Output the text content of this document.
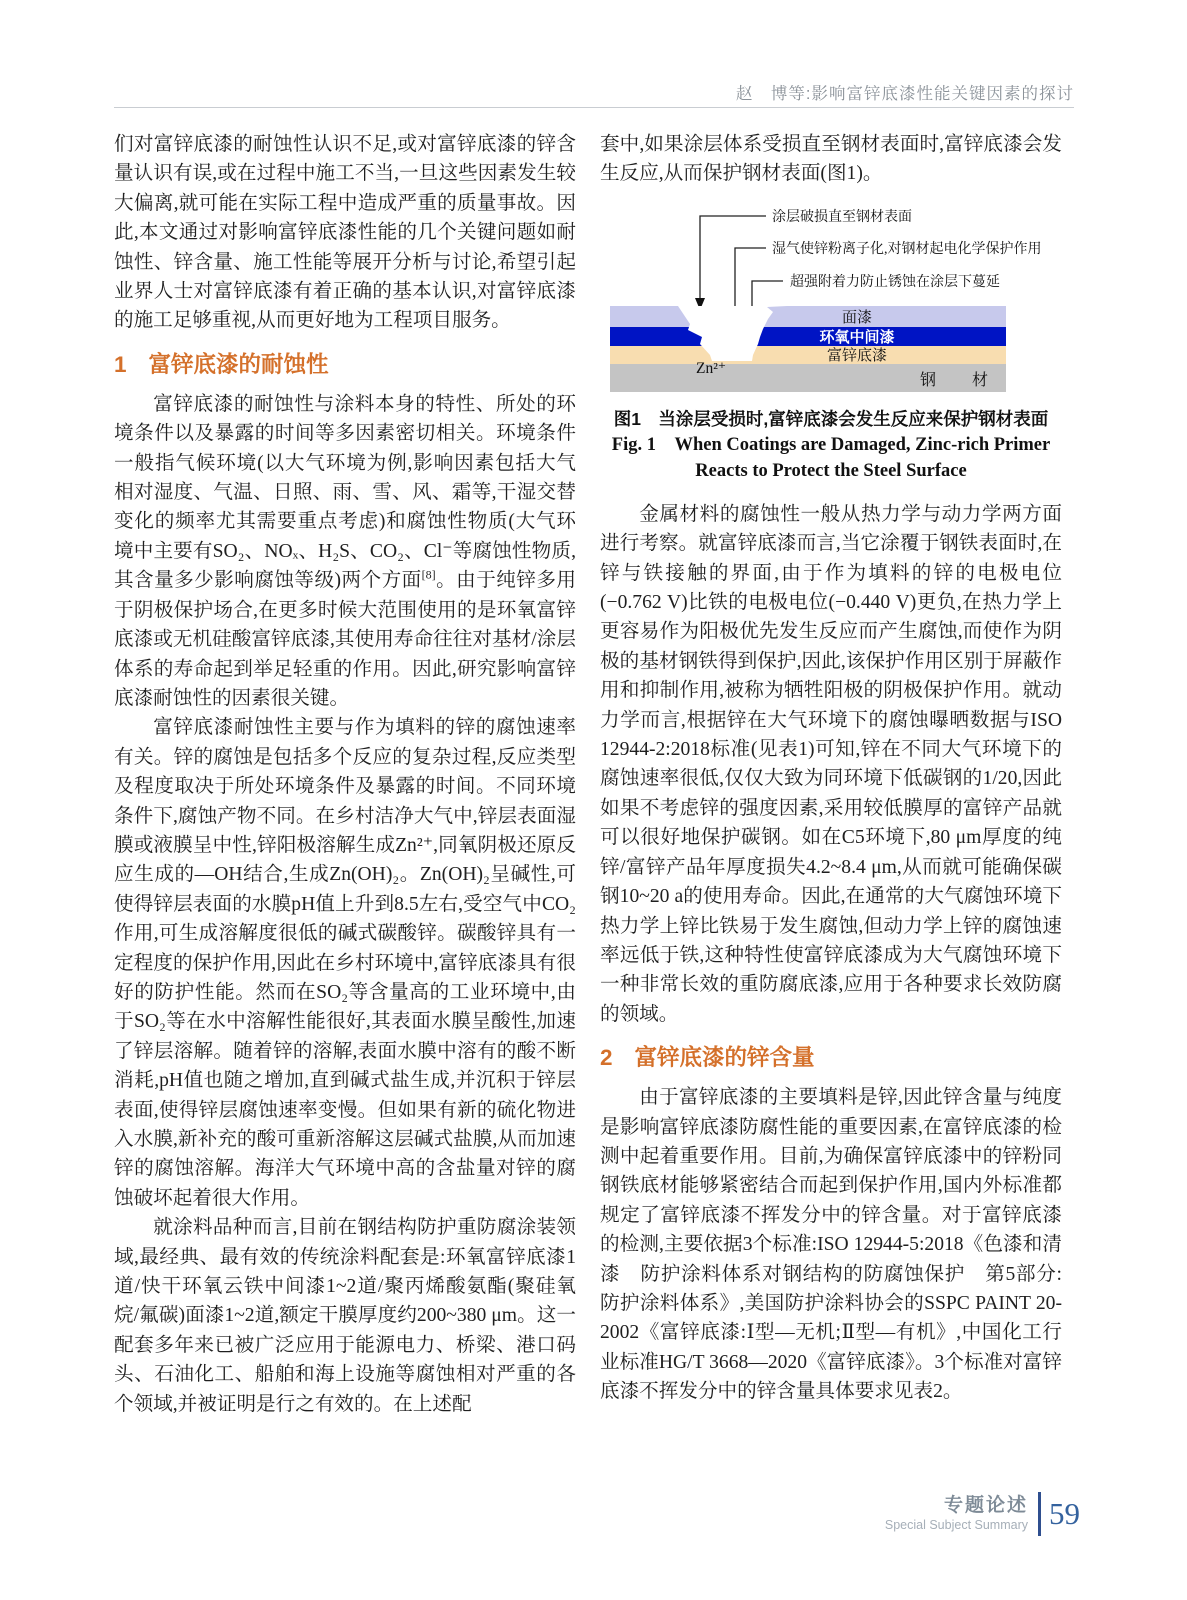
赵　博等:影响富锌底漆性能关键因素的探讨

们对富锌底漆的耐蚀性认识不足,或对富锌底漆的锌含量认识有误,或在过程中施工不当,一旦这些因素发生较大偏离,就可能在实际工程中造成严重的质量事故。因此,本文通过对影响富锌底漆性能的几个关键问题如耐蚀性、锌含量、施工性能等展开分析与讨论,希望引起业界人士对富锌底漆有着正确的基本认识,对富锌底漆的施工足够重视,从而更好地为工程项目服务。

1 富锌底漆的耐蚀性

富锌底漆的耐蚀性与涂料本身的特性、所处的环境条件以及暴露的时间等多因素密切相关。环境条件一般指气候环境(以大气环境为例,影响因素包括大气相对湿度、气温、日照、雨、雪、风、霜等,干湿交替变化的频率尤其需要重点考虑)和腐蚀性物质(大气环境中主要有SO₂、NOₓ、H₂S、CO₂、Cl⁻等腐蚀性物质,其含量多少影响腐蚀等级)两个方面[8]。由于纯锌多用于阴极保护场合,在更多时候大范围使用的是环氧富锌底漆或无机硅酸富锌底漆,其使用寿命往往对基材/涂层体系的寿命起到举足轻重的作用。因此,研究影响富锌底漆耐蚀性的因素很关键。

富锌底漆耐蚀性主要与作为填料的锌的腐蚀速率有关。锌的腐蚀是包括多个反应的复杂过程,反应类型及程度取决于所处环境条件及暴露的时间。不同环境条件下,腐蚀产物不同。在乡村洁净大气中,锌层表面湿膜或液膜呈中性,锌阳极溶解生成Zn²⁺,同氧阴极还原反应生成的—OH结合,生成Zn(OH)₂。Zn(OH)₂呈碱性,可使得锌层表面的水膜pH值上升到8.5左右,受空气中CO₂作用,可生成溶解度很低的碱式碳酸锌。碳酸锌具有一定程度的保护作用,因此在乡村环境中,富锌底漆具有很好的防护性能。然而在SO₂等含量高的工业环境中,由于SO₂等在水中溶解性能很好,其表面水膜呈酸性,加速了锌层溶解。随着锌的溶解,表面水膜中溶有的酸不断消耗,pH值也随之增加,直到碱式盐生成,并沉积于锌层表面,使得锌层腐蚀速率变慢。但如果有新的硫化物进入水膜,新补充的酸可重新溶解这层碱式盐膜,从而加速锌的腐蚀溶解。海洋大气环境中高的含盐量对锌的腐蚀破坏起着很大作用。

就涂料品种而言,目前在钢结构防护重防腐涂装领域,最经典、最有效的传统涂料配套是:环氧富锌底漆1道/快干环氧云铁中间漆1~2道/聚丙烯酸氨酯(聚硅氧烷/氟碳)面漆1~2道,额定干膜厚度约200~380 μm。这一配套多年来已被广泛应用于能源电力、桥梁、港口码头、石油化工、船舶和海上设施等腐蚀相对严重的各个领域,并被证明是行之有效的。在上述配

套中,如果涂层体系受损直至钢材表面时,富锌底漆会发生反应,从而保护钢材表面(图1)。

涂层破损直至钢材表面
湿气使锌粉离子化,对钢材起电化学保护作用
超强附着力防止锈蚀在涂层下蔓延
面漆
环氧中间漆
富锌底漆
钢　材
Zn²⁺
图1　当涂层受损时,富锌底漆会发生反应来保护钢材表面
Fig. 1　When Coatings are Damaged, Zinc-rich Primer
Reacts to Protect the Steel Surface

金属材料的腐蚀性一般从热力学与动力学两方面进行考察。就富锌底漆而言,当它涂覆于钢铁表面时,在锌与铁接触的界面,由于作为填料的锌的电极电位(−0.762 V)比铁的电极电位(−0.440 V)更负,在热力学上更容易作为阳极优先发生反应而产生腐蚀,而使作为阴极的基材钢铁得到保护,因此,该保护作用区别于屏蔽作用和抑制作用,被称为牺牲阳极的阴极保护作用。就动力学而言,根据锌在大气环境下的腐蚀曝晒数据与ISO 12944-2:2018标准(见表1)可知,锌在不同大气环境下的腐蚀速率很低,仅仅大致为同环境下低碳钢的1/20,因此如果不考虑锌的强度因素,采用较低膜厚的富锌产品就可以很好地保护碳钢。如在C5环境下,80 μm厚度的纯锌/富锌产品年厚度损失4.2~8.4 μm,从而就可能确保碳钢10~20 a的使用寿命。因此,在通常的大气腐蚀环境下热力学上锌比铁易于发生腐蚀,但动力学上锌的腐蚀速率远低于铁,这种特性使富锌底漆成为大气腐蚀环境下一种非常长效的重防腐底漆,应用于各种要求长效防腐的领域。

2 富锌底漆的锌含量

由于富锌底漆的主要填料是锌,因此锌含量与纯度是影响富锌底漆防腐性能的重要因素,在富锌底漆的检测中起着重要作用。目前,为确保富锌底漆中的锌粉同钢铁底材能够紧密结合而起到保护作用,国内外标准都规定了富锌底漆不挥发分中的锌含量。对于富锌底漆的检测,主要依据3个标准:ISO 12944-5:2018《色漆和清漆　防护涂料体系对钢结构的防腐蚀保护　第5部分:防护涂料体系》,美国防护涂料协会的SSPC PAINT 20-2002《富锌底漆:Ⅰ型—无机;Ⅱ型—有机》,中国化工行业标准HG/T 3668—2020《富锌底漆》。3个标准对富锌底漆不挥发分中的锌含量具体要求见表2。

专题论述
Special Subject Summary 59
